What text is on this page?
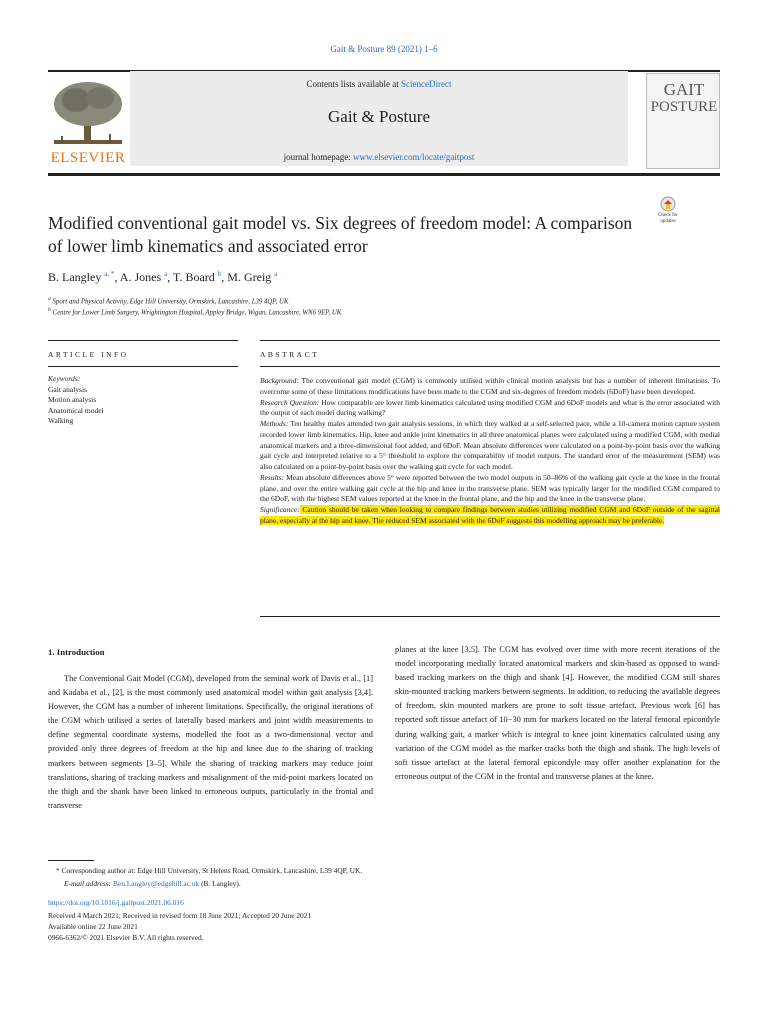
Gait & Posture 89 (2021) 1–6
ELSEVIER
Contents lists available at ScienceDirect
Gait & Posture
journal homepage: www.elsevier.com/locate/gaitpost
GAIT
POSTURE
Check for
updates
Modified conventional gait model vs. Six degrees of freedom model: A comparison of lower limb kinematics and associated error
B. Langley $^{a, *}$, A. Jones $^a$, T. Board $^b$, M. Greig $^a$
$^a$ Sport and Physical Activity, Edge Hill University, Ormskirk, Lancashire, L39 4QP, UK
$^b$ Centre for Lower Limb Surgery, Wrightington Hospital, Appley Bridge, Wigan, Lancashire, WN6 9EP, UK
ARTICLE INFO	ABSTRACT
Keywords:
Gait analysis
Motion analysis
Anatomical model
Walking

Background: The conventional gait model (CGM) is commonly utilised within clinical motion analysis but has a number of inherent limitations. To overcome some of these limitations modifications have been made to the CGM and six-degrees of freedom models (6DoF) have been developed.

Research Question: How comparable are lower limb kinematics calculated using modified CGM and 6DoF models and what is the error associated with the output of each model during walking?

Methods: Ten healthy males attended two gait analysis sessions, in which they walked at a self-selected pace, while a 10-camera motion capture system recorded lower limb kinematics. Hip, knee and ankle joint kinematics in all three anatomical planes were calculated using a modified CGM, with medial anatomical markers and a three-dimensional foot added, and 6DoF. Mean absolute differences were calculated on a point-by-point basis over the walking gait cycle and interpreted relative to a 5° threshold to explore the comparability of model outputs. The standard error of the measurement (SEM) was also calculated on a point-by-point basis over the walking gait cycle for each model.

Results: Mean absolute differences above 5° were reported between the two model outputs in 50–86% of the walking gait cycle at the knee in the frontal plane, and over the entire walking gait cycle at the hip and knee in the transverse plane. SEM was typically larger for the modified CGM compared to the 6DoF, with the highest SEM values reported at the knee in the frontal plane, and the hip and the knee in the transverse plane.

Significance: Caution should be taken when looking to compare findings between studies utilizing modified CGM and 6DoF outside of the sagittal plane, especially at the hip and knee. The reduced SEM associated with the 6DoF suggests this modelling approach may be preferable.

1. Introduction
The Conventional Gait Model (CGM), developed from the seminal work of Davis et al., [1] and Kadaba et al., [2], is the most commonly used anatomical model within gait analysis [3,4]. However, the CGM has a number of inherent limitations. Specifically, the original iterations of the CGM which utilised a series of laterally based markers and joint width measurements to define segmental coordinate systems, modelled the foot as a two-dimensional vector and provided only three degrees of freedom at the hip and knee due to the sharing of tracking markers between segments [3–5]. While the sharing of tracking markers may reduce joint translations, sharing of tracking markers and misalignment of the mid-point markers located on the thigh and the shank have been linked to erroneous outputs, particularly in the frontal and transverse
planes at the knee [3,5]. The CGM has evolved over time with more recent iterations of the model incorporating medially located anatomical markers and skin-based as opposed to wand-based tracking markers on the thigh and shank [4]. However, the modified CGM still shares skin-mounted tracking markers between segments. In addition, to reducing the available degrees of freedom, skin mounted markers are prone to soft tissue artefact. Previous work [6] has reported soft tissue artefact of 10−30 mm for markers located on the lateral femoral epicondyle during walking gait, a marker which is integral to knee joint kinematics calculated using any variation of the CGM model as the marker tracks both the thigh and shank. The high levels of soft tissue artefact at the lateral femoral epicondyle may offer another explanation for the erroneous output of the CGM in the frontal and transverse planes at the knee.
* Corresponding author at: Edge Hill University, St Helens Road, Ormskirk, Lancashire, L39 4QP, UK.
E-mail address: Ben.Langley@edgehill.ac.uk (B. Langley).
https://doi.org/10.1016/j.gaitpost.2021.06.016
Received 4 March 2021; Received in revised form 18 June 2021; Accepted 20 June 2021
Available online 22 June 2021
0966-6362/© 2021 Elsevier B.V. All rights reserved.
